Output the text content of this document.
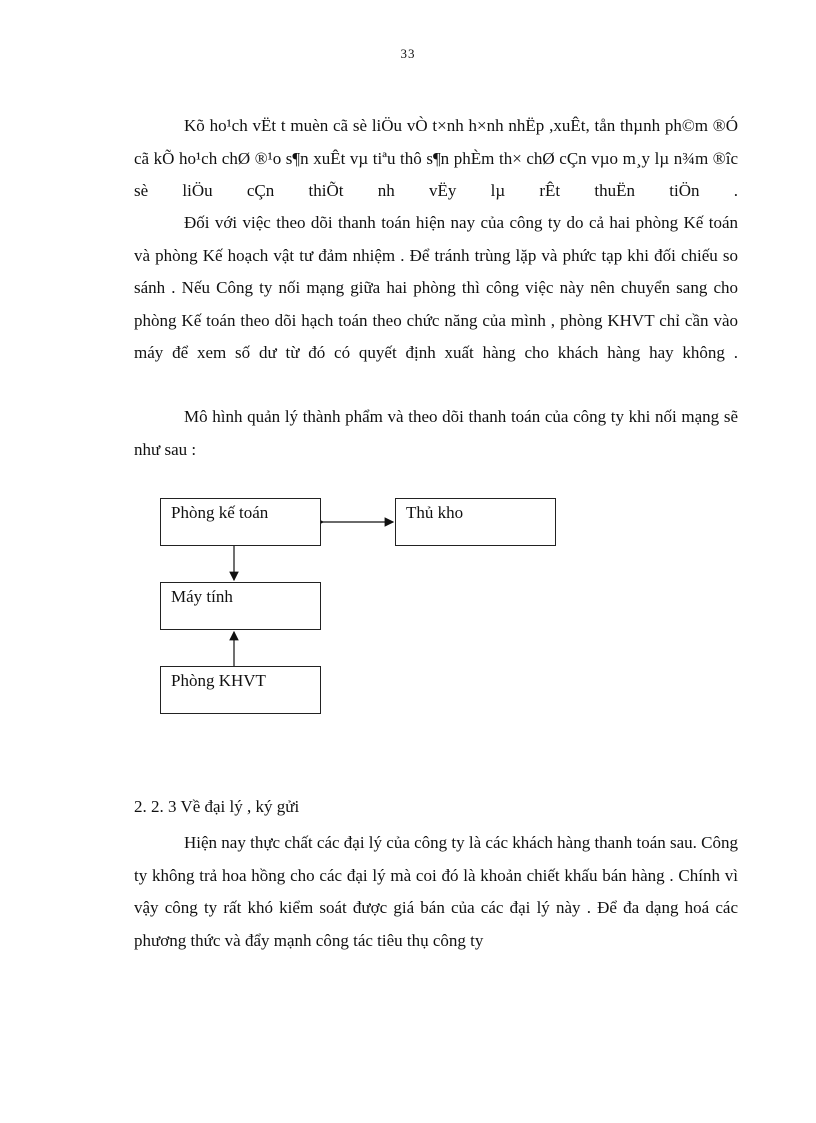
33

Kõ ho¹ch vËt t muèn cã sè liÖu vÒ t×nh h×nh nhËp ,xuÊt, tån thµnh ph©m ®Ó cã kÕ ho¹ch chØ ®¹o s¶n xuÊt vµ tiªu thô s¶n phÈm th× chØ cÇn vµo m¸y lµ n¾m ®îc sè liÖu cÇn thiÕt nh vËy lµ rÊt thuËn tiÖn .

Đối với việc theo dõi thanh toán hiện nay của công ty do cả hai phòng Kế toán và phòng Kế hoạch vật tư đảm nhiệm . Để tránh trùng lặp và phức tạp khi đối chiếu so sánh . Nếu Công ty nối mạng giữa hai phòng thì công việc này nên chuyển sang cho phòng Kế toán theo dõi hạch toán theo chức năng của mình , phòng KHVT chỉ cần vào máy để xem số dư từ đó có quyết định xuất hàng cho khách hàng hay không .

Mô hình quản lý thành phẩm và theo dõi thanh toán của công ty khi nối mạng sẽ như sau :

Phòng kế toán	Thủ kho
Máy tính
Phòng KHVT
2. 2. 3 Về đại lý , ký gửi

Hiện nay thực chất các đại lý của công ty là các khách hàng thanh toán sau. Công ty không trả hoa hồng cho các đại lý mà coi đó là khoản chiết khấu bán hàng . Chính vì vậy công ty rất khó kiểm soát được giá bán của các đại lý này . Để đa dạng hoá các phương thức và đẩy mạnh công tác tiêu thụ công ty
